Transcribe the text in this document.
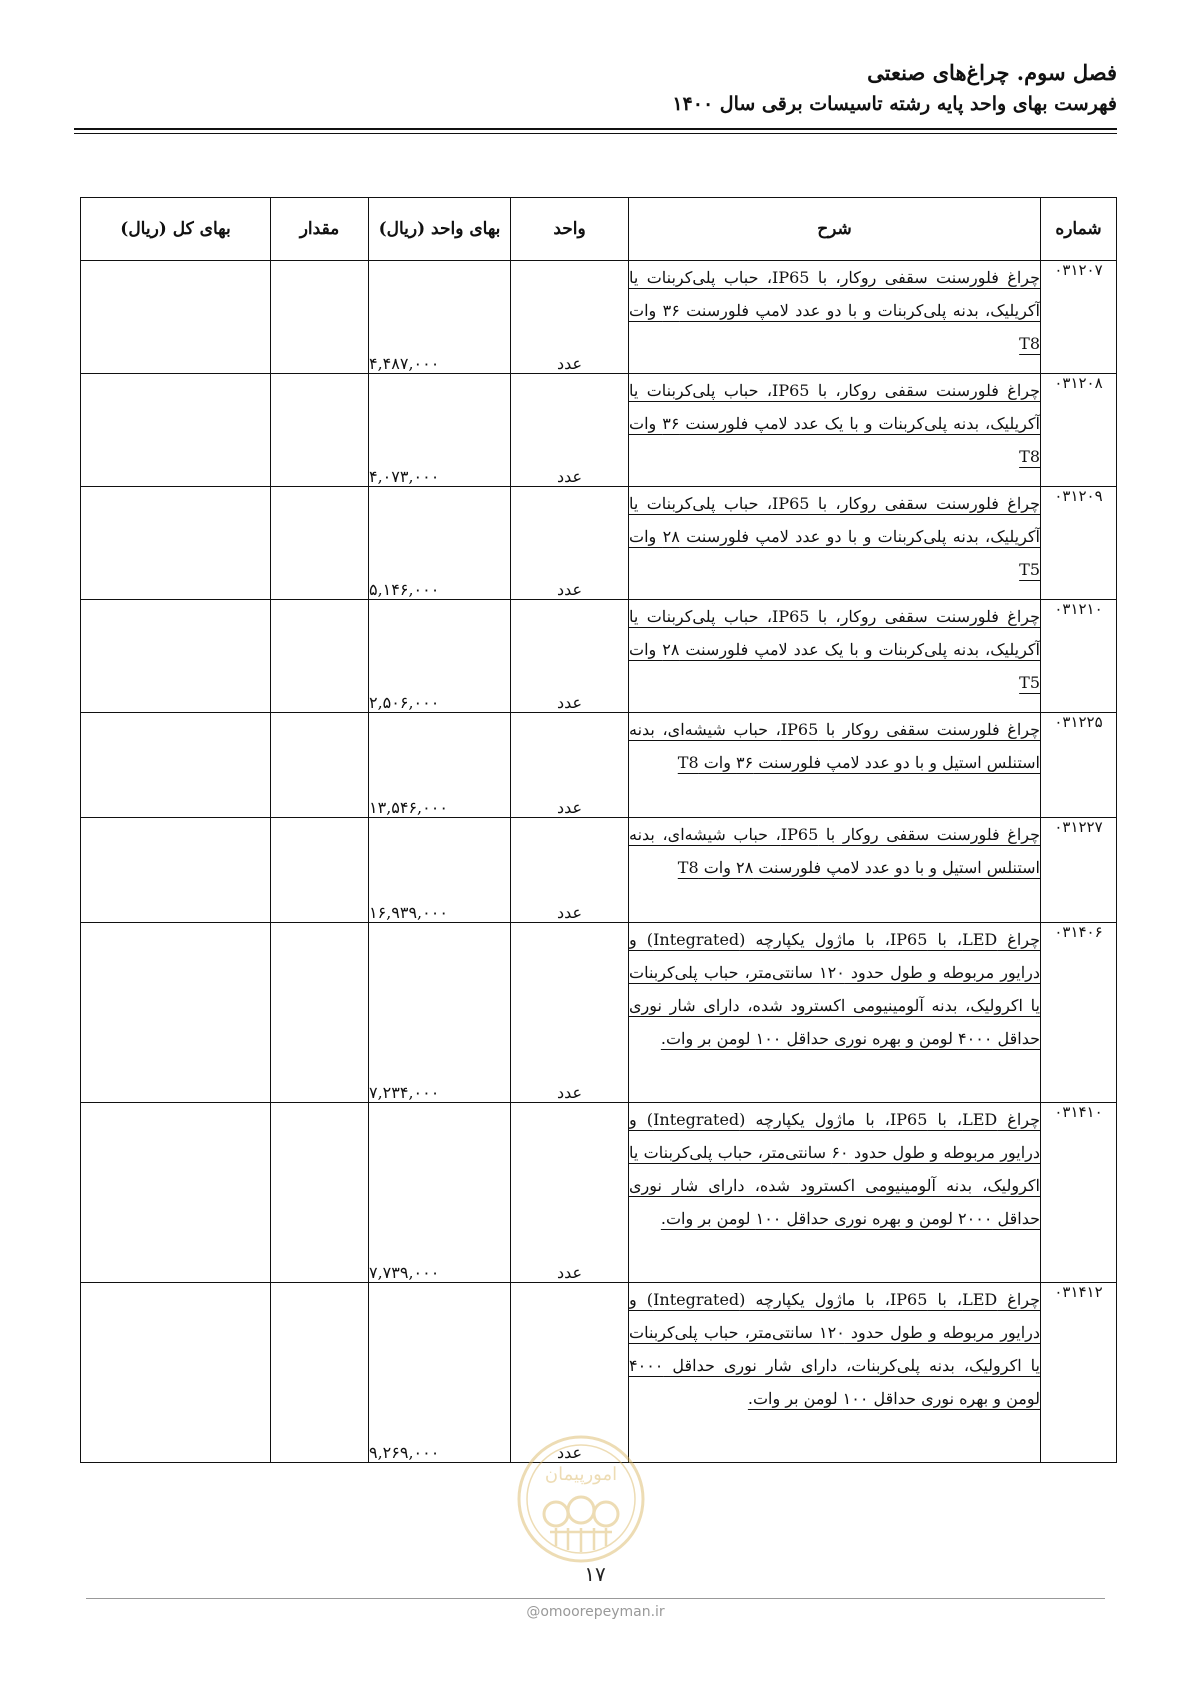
فصل سوم. چراغ‌های صنعتی
فهرست بهای واحد پایه رشته تاسیسات برقی سال ۱۴۰۰
شماره	شرح	واحد	بهای واحد (ریال)	مقدار	بهای کل (ریال)
۰۳۱۲۰۷	چراغ فلورسنت سقفی روکار، با IP65، حباب پلی‌کربنات یا آکریلیک، بدنه پلی‌کربنات و با دو عدد لامپ فلورسنت ۳۶ وات T8	عدد	۴,۴۸۷,۰۰۰		
۰۳۱۲۰۸	چراغ فلورسنت سقفی روکار، با IP65، حباب پلی‌کربنات یا آکریلیک، بدنه پلی‌کربنات و با یک عدد لامپ فلورسنت ۳۶ وات T8	عدد	۴,۰۷۳,۰۰۰		
۰۳۱۲۰۹	چراغ فلورسنت سقفی روکار، با IP65، حباب پلی‌کربنات یا آکریلیک، بدنه پلی‌کربنات و با دو عدد لامپ فلورسنت ۲۸ وات T5	عدد	۵,۱۴۶,۰۰۰		
۰۳۱۲۱۰	چراغ فلورسنت سقفی روکار، با IP65، حباب پلی‌کربنات یا آکریلیک، بدنه پلی‌کربنات و با یک عدد لامپ فلورسنت ۲۸ وات T5	عدد	۲,۵۰۶,۰۰۰		
۰۳۱۲۲۵	چراغ فلورسنت سقفی روکار با IP65، حباب شیشه‌ای، بدنه استنلس استیل و با دو عدد لامپ فلورسنت ۳۶ وات T8	عدد	۱۳,۵۴۶,۰۰۰		
۰۳۱۲۲۷	چراغ فلورسنت سقفی روکار با IP65، حباب شیشه‌ای، بدنه استنلس استیل و با دو عدد لامپ فلورسنت ۲۸ وات T8	عدد	۱۶,۹۳۹,۰۰۰		
۰۳۱۴۰۶	چراغ LED، با IP65، با ماژول یکپارچه (Integrated) و درایور مربوطه و طول حدود ۱۲۰ سانتی‌متر، حباب پلی‌کربنات یا اکرولیک، بدنه آلومینیومی اکسترود شده، دارای شار نوری حداقل ۴۰۰۰ لومن و بهره نوری حداقل ۱۰۰ لومن بر وات.	عدد	۷,۲۳۴,۰۰۰		
۰۳۱۴۱۰	چراغ LED، با IP65، با ماژول یکپارچه (Integrated) و درایور مربوطه و طول حدود ۶۰ سانتی‌متر، حباب پلی‌کربنات یا اکرولیک، بدنه آلومینیومی اکسترود شده، دارای شار نوری حداقل ۲۰۰۰ لومن و بهره نوری حداقل ۱۰۰ لومن بر وات.	عدد	۷,۷۳۹,۰۰۰		
۰۳۱۴۱۲	چراغ LED، با IP65، با ماژول یکپارچه (Integrated) و درایور مربوطه و طول حدود ۱۲۰ سانتی‌متر، حباب پلی‌کربنات یا اکرولیک، بدنه پلی‌کربنات، دارای شار نوری حداقل ۴۰۰۰ لومن و بهره نوری حداقل ۱۰۰ لومن بر وات.	عدد	۹,۲۶۹,۰۰۰		
امورپیمان
۱۷
@omoorepeyman.ir
